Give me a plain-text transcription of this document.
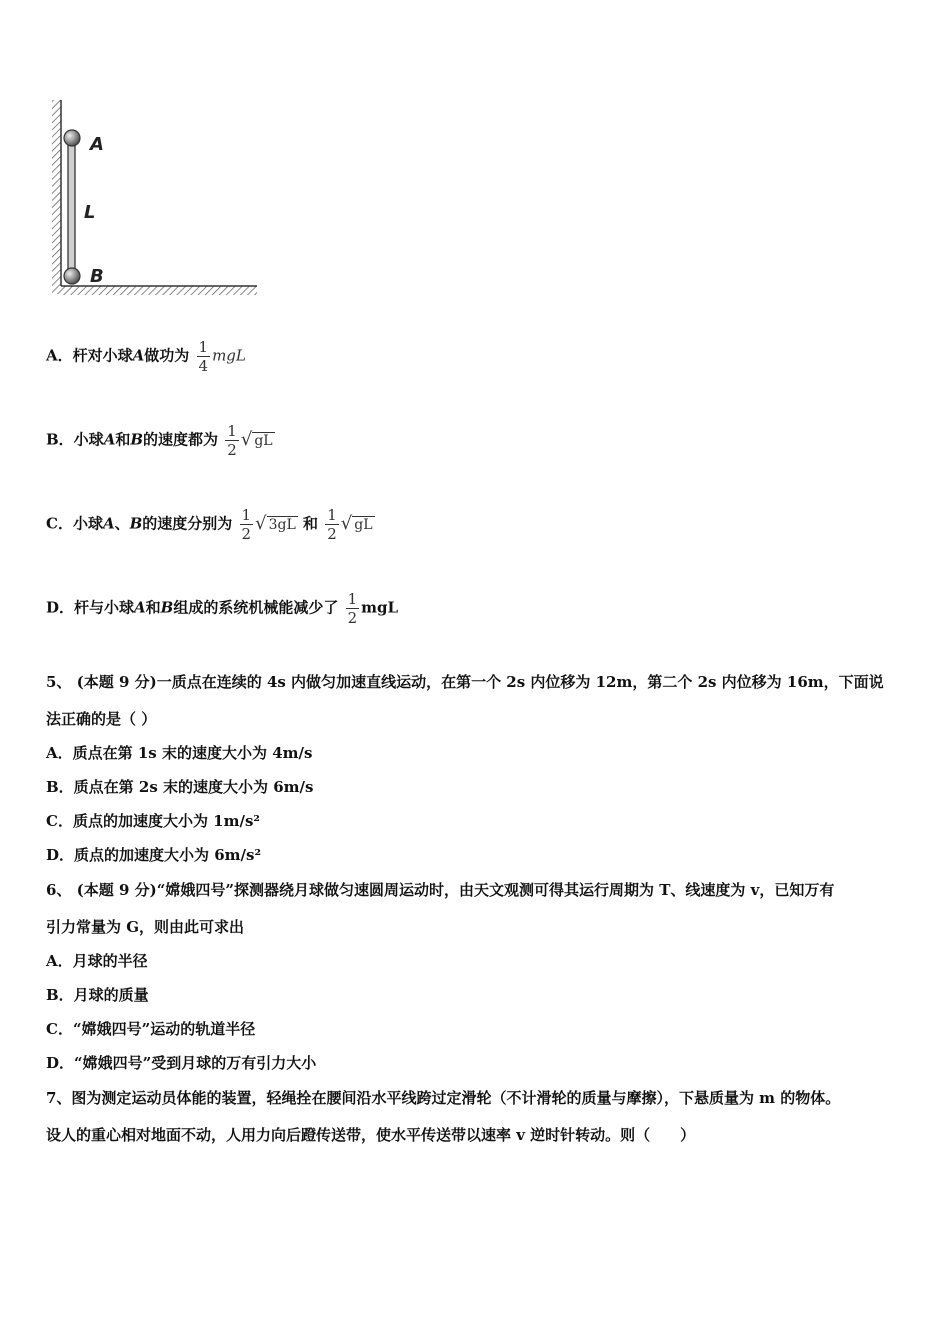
A
L
B
A．杆对小球A做功为 $\frac{1}{4}$ mgL
B．小球A和B的速度都为 $\frac{1}{2}$ √ gL
C．小球A、B的速度分别为 $\frac{1}{2}$ √ 3gL 和 $\frac{1}{2}$ √ gL
D．杆与小球A和B组成的系统机械能减少了 $\frac{1}{2}$ mgL
5、 (本题 9 分)一质点在连续的 4s 内做匀加速直线运动，在第一个 2s 内位移为 12m，第二个 2s 内位移为 16m，下面说
法正确的是（ ）
A．质点在第 1s 末的速度大小为 4m/s
B．质点在第 2s 末的速度大小为 6m/s
C．质点的加速度大小为 1m/s²
D．质点的加速度大小为 6m/s²
6、 (本题 9 分)“嫦娥四号”探测器绕月球做匀速圆周运动时，由天文观测可得其运行周期为 T、线速度为 v，已知万有
引力常量为 G，则由此可求出
A．月球的半径
B．月球的质量
C．“嫦娥四号”运动的轨道半径
D．“嫦娥四号”受到月球的万有引力大小
7、图为测定运动员体能的装置，轻绳拴在腰间沿水平线跨过定滑轮（不计滑轮的质量与摩擦），下悬质量为 m 的物体。
设人的重心相对地面不动，人用力向后蹬传送带，使水平传送带以速率 v 逆时针转动。则（　　）
